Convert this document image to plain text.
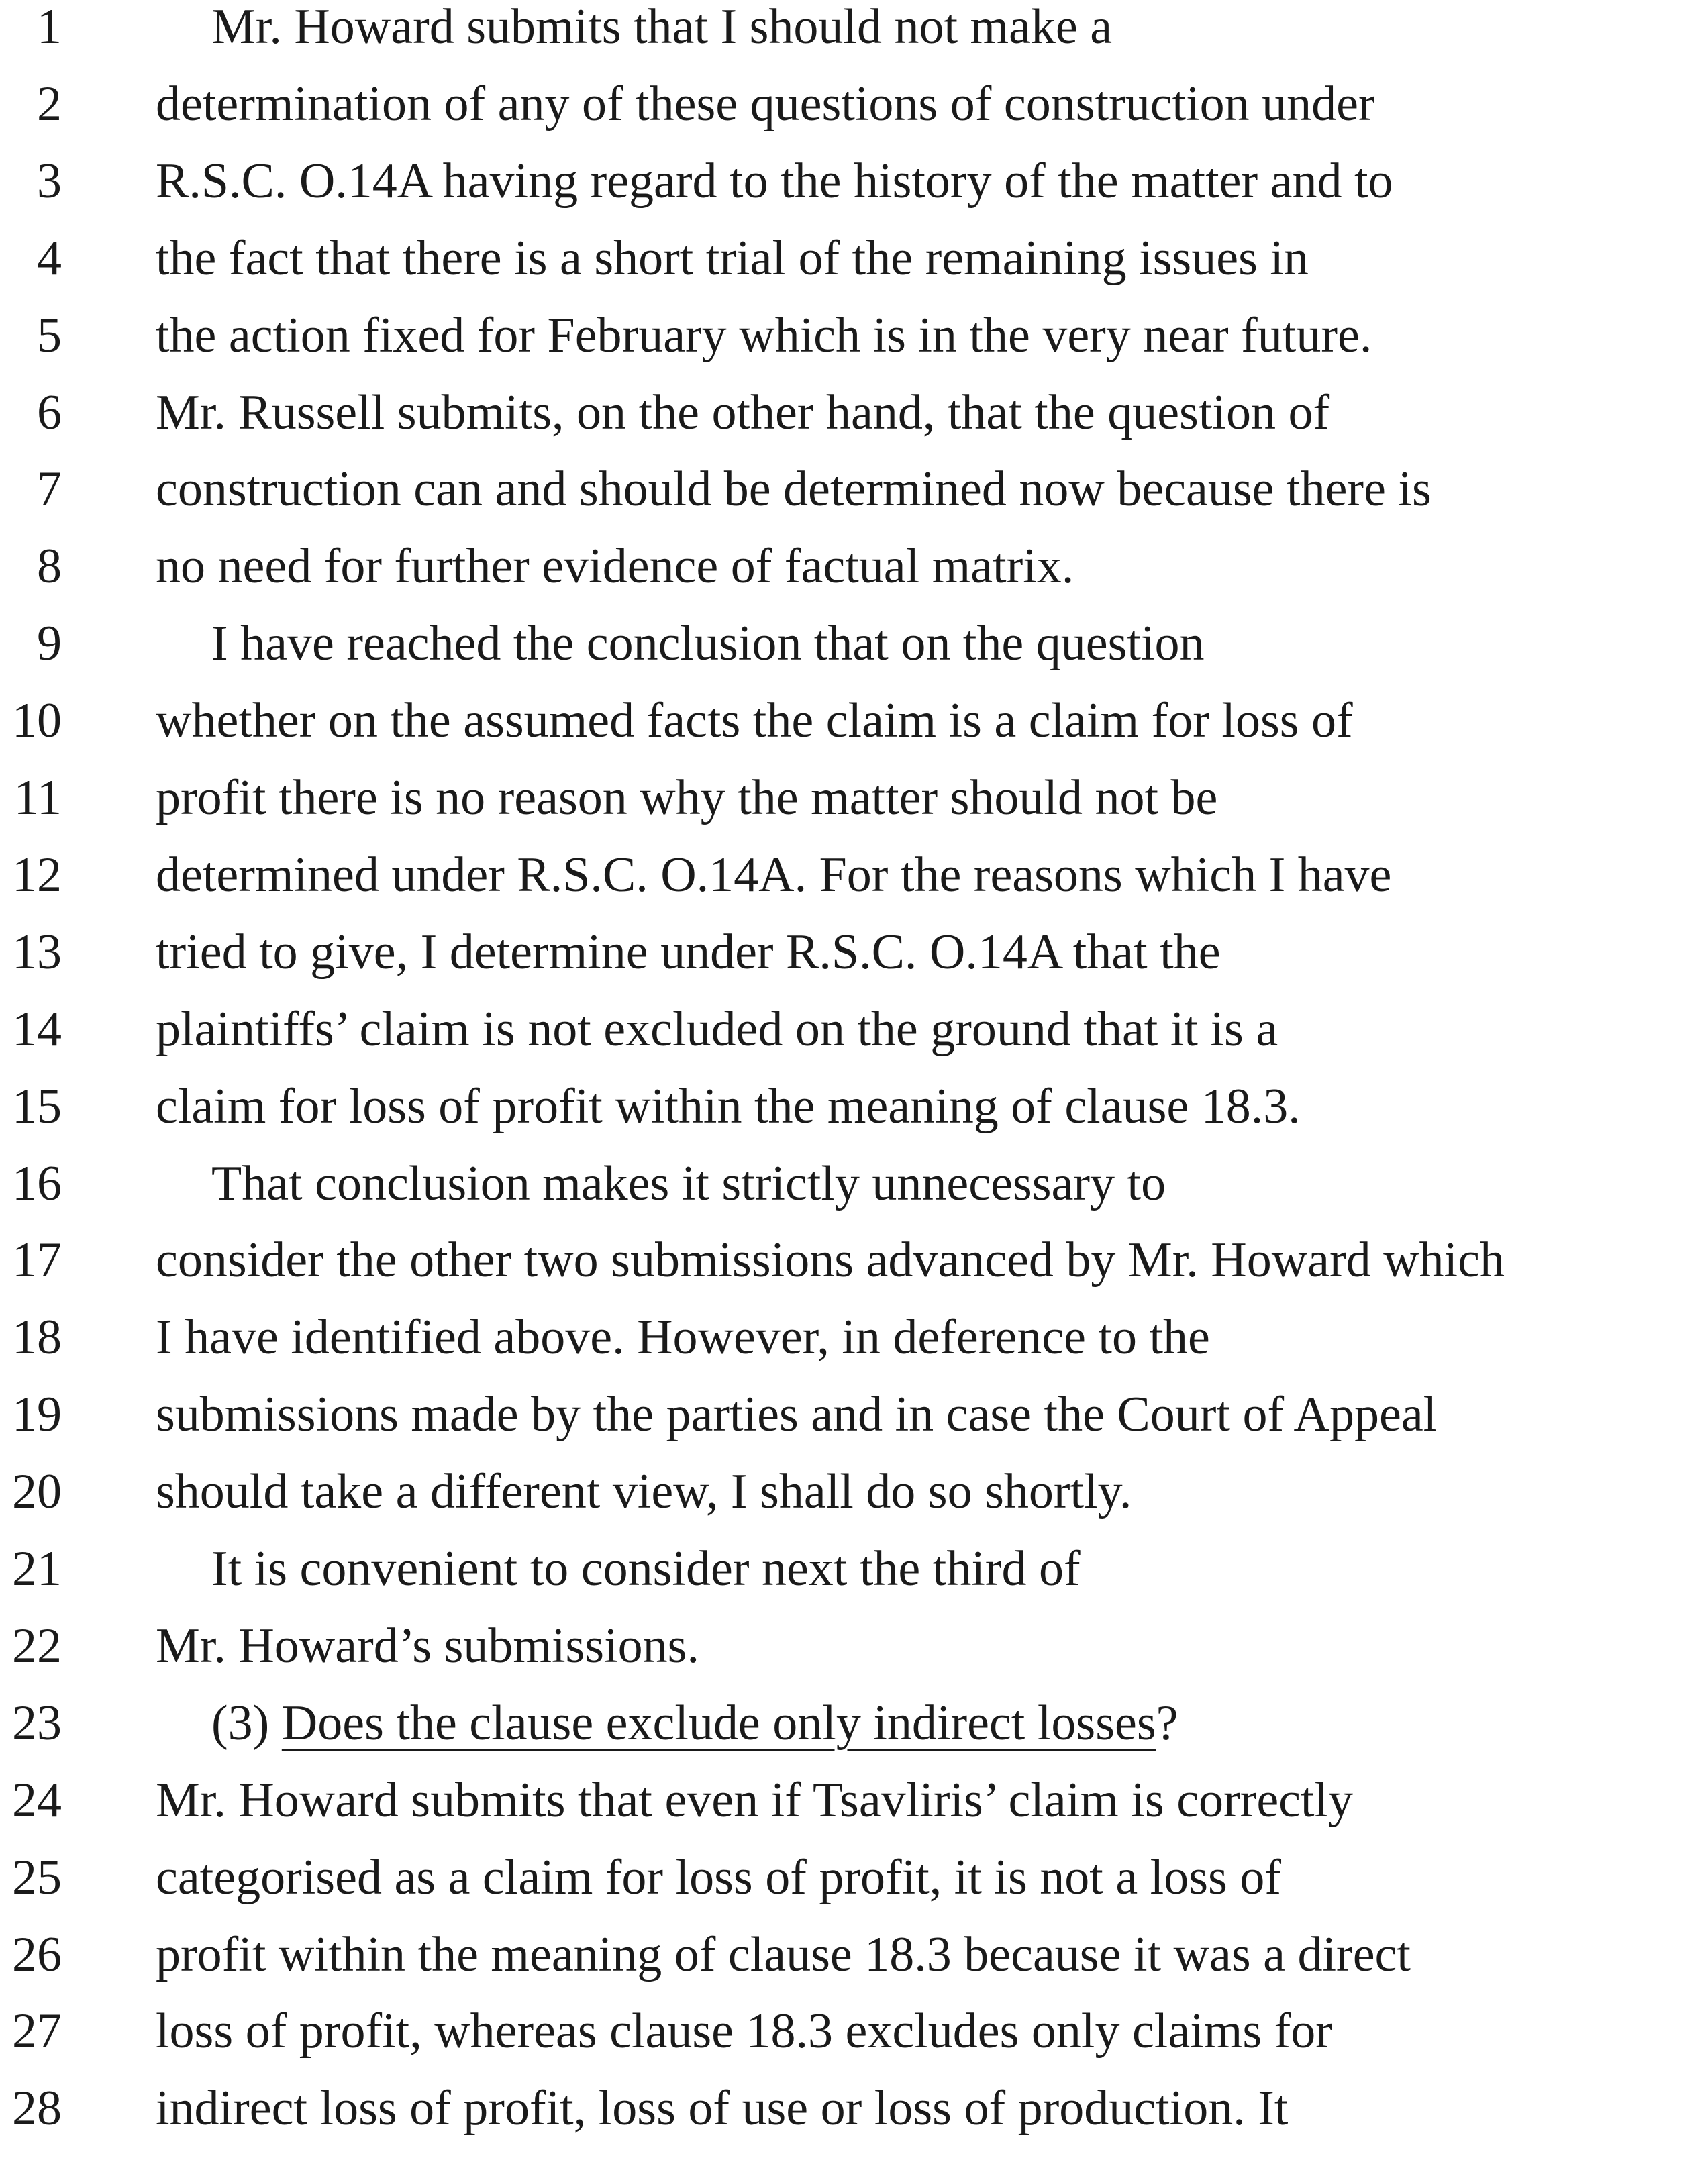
1	Mr. Howard submits that I should not make a
2 determination of any of these questions of construction under
3 R.S.C. O.14A having regard to the history of the matter and to
4 the fact that there is a short trial of the remaining issues in
5 the action fixed for February which is in the very near future.
6 Mr. Russell submits, on the other hand, that the question of
7 construction can and should be determined now because there is
8 no need for further evidence of factual matrix.
9	I have reached the conclusion that on the question
10 whether on the assumed facts the claim is a claim for loss of
11 profit there is no reason why the matter should not be
12 determined under R.S.C. O.14A. For the reasons which I have
13 tried to give, I determine under R.S.C. O.14A that the
14 plaintiffs’ claim is not excluded on the ground that it is a
15 claim for loss of profit within the meaning of clause 18.3.
16	That conclusion makes it strictly unnecessary to
17 consider the other two submissions advanced by Mr. Howard which
18 I have identified above. However, in deference to the
19 submissions made by the parties and in case the Court of Appeal
20 should take a different view, I shall do so shortly.
21	It is convenient to consider next the third of
22 Mr. Howard’s submissions.
23	(3) Does the clause exclude only indirect losses?
24 Mr. Howard submits that even if Tsavliris’ claim is correctly
25 categorised as a claim for loss of profit, it is not a loss of
26 profit within the meaning of clause 18.3 because it was a direct
27 loss of profit, whereas clause 18.3 excludes only claims for
28 indirect loss of profit, loss of use or loss of production. It
